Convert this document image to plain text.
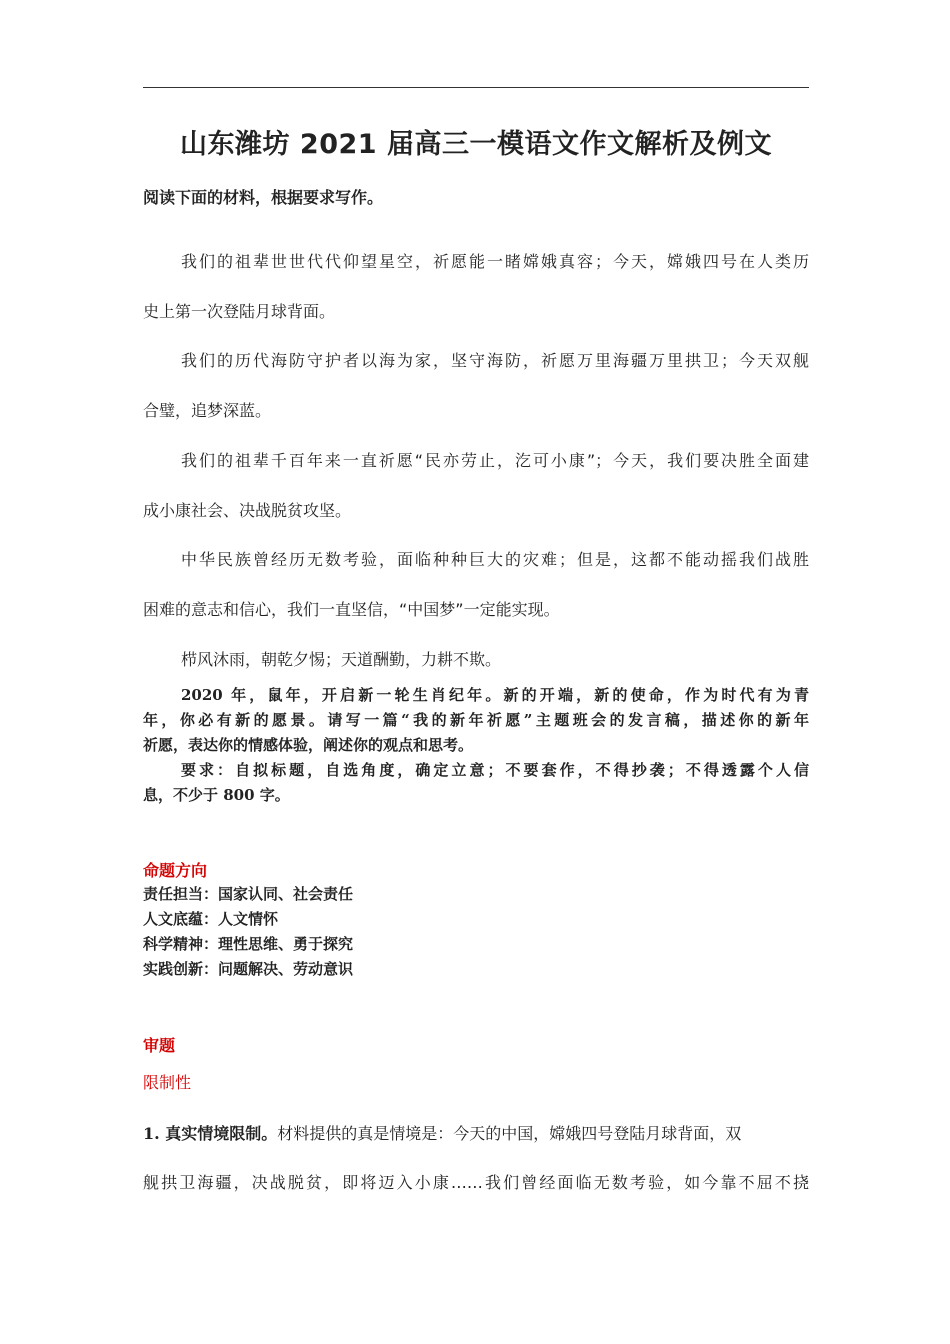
山东潍坊 2021 届高三一模语文作文解析及例文
阅读下面的材料，根据要求写作。
我们的祖辈世世代代仰望星空，祈愿能一睹嫦娥真容；今天，嫦娥四号在人类历
史上第一次登陆月球背面。
我们的历代海防守护者以海为家，坚守海防，祈愿万里海疆万里拱卫；今天双舰
合璧，追梦深蓝。
我们的祖辈千百年来一直祈愿“民亦劳止，汔可小康”；今天，我们要决胜全面建
成小康社会、决战脱贫攻坚。
中华民族曾经历无数考验，面临种种巨大的灾难；但是，这都不能动摇我们战胜
困难的意志和信心，我们一直坚信，“中国梦”一定能实现。
栉风沐雨，朝乾夕惕；天道酬勤，力耕不欺。
2020 年，鼠年，开启新一轮生肖纪年。新的开端，新的使命，作为时代有为青
年，你必有新的愿景。请写一篇“我的新年祈愿”主题班会的发言稿，描述你的新年
祈愿，表达你的情感体验，阐述你的观点和思考。
要求：自拟标题，自选角度，确定立意；不要套作，不得抄袭；不得透露个人信
息，不少于 800 字。
命题方向
责任担当：国家认同、社会责任
人文底蕴：人文情怀
科学精神：理性思维、勇于探究
实践创新：问题解决、劳动意识
审题
限制性
1. 真实情境限制。材料提供的真是情境是：今天的中国，嫦娥四号登陆月球背面，双
舰拱卫海疆，决战脱贫，即将迈入小康……我们曾经面临无数考验，如今靠不屈不挠
